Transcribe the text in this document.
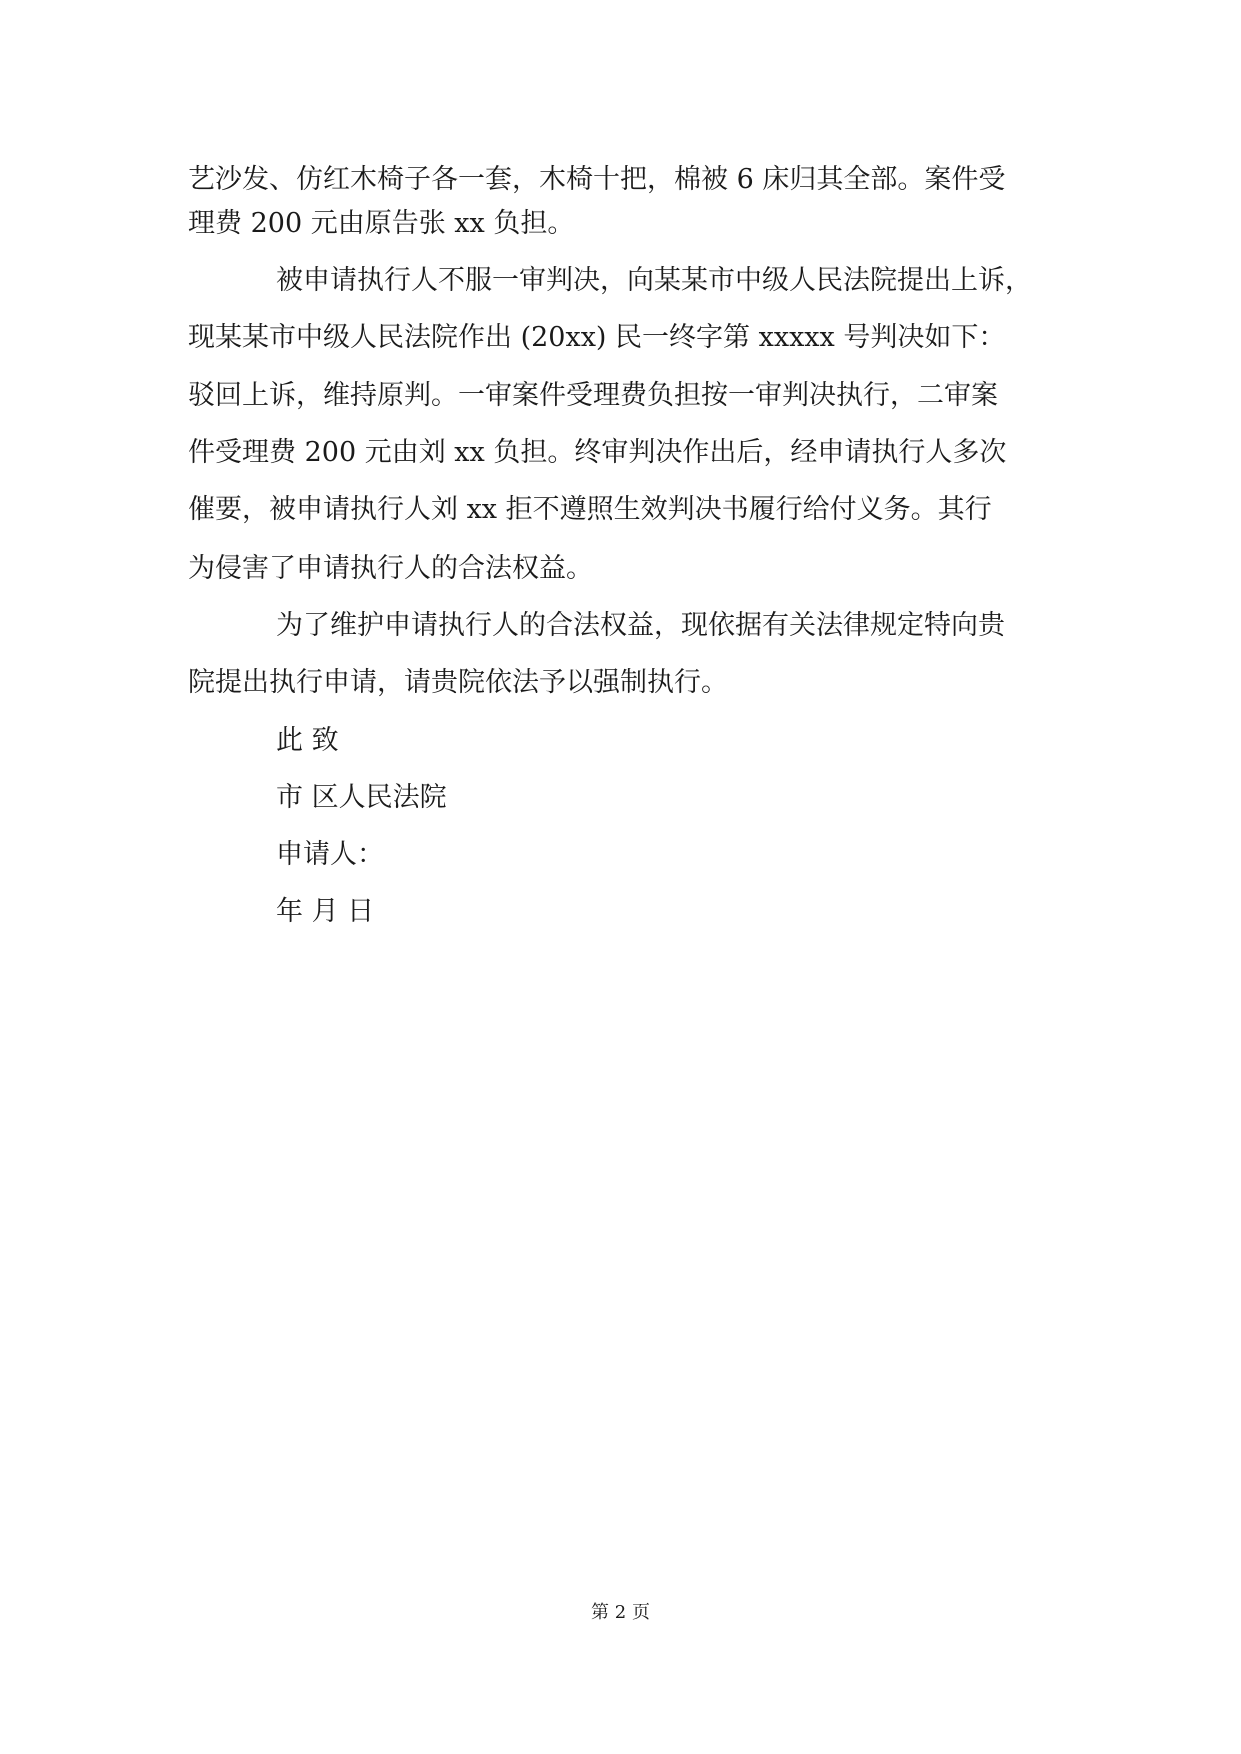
艺沙发、仿红木椅子各一套，木椅十把，棉被 6 床归其全部。案件受
理费 200 元由原告张 xx 负担。
被申请执行人不服一审判决，向某某市中级人民法院提出上诉，
现某某市中级人民法院作出 (20xx) 民一终字第 xxxxx 号判决如下：
驳回上诉，维持原判。一审案件受理费负担按一审判决执行，二审案
件受理费 200 元由刘 xx 负担。终审判决作出后，经申请执行人多次
催要，被申请执行人刘 xx 拒不遵照生效判决书履行给付义务。其行
为侵害了申请执行人的合法权益。
为了维护申请执行人的合法权益，现依据有关法律规定特向贵
院提出执行申请，请贵院依法予以强制执行。
此 致
市 区人民法院
申请人：
年 月 日
第 2 页
